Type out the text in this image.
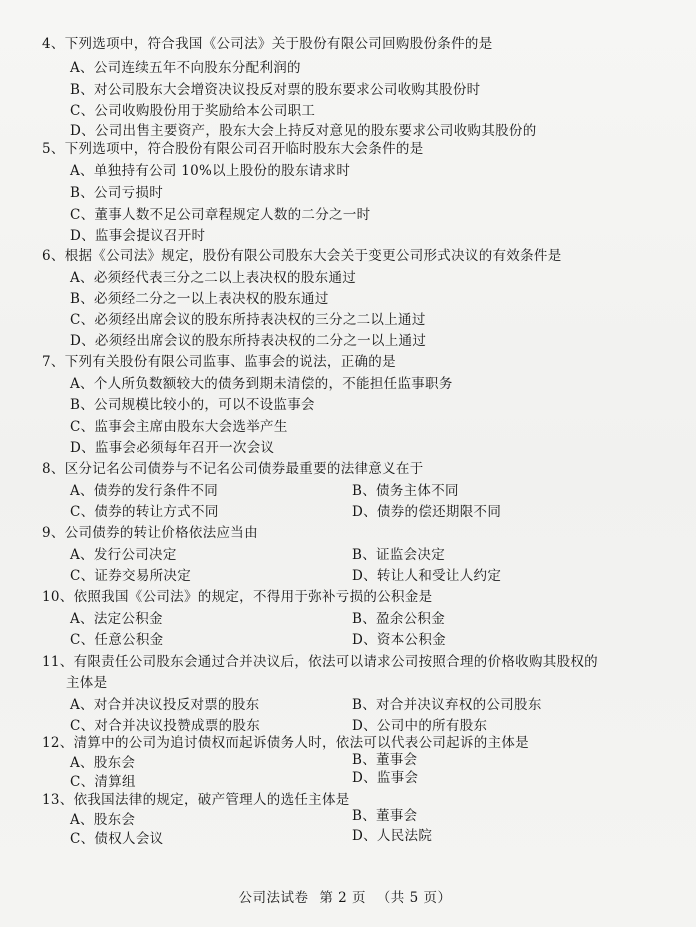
4、下列选项中，符合我国《公司法》关于股份有限公司回购股份条件的是
A、公司连续五年不向股东分配利润的
B、对公司股东大会增资决议投反对票的股东要求公司收购其股份时
C、公司收购股份用于奖励给本公司职工
D、公司出售主要资产，股东大会上持反对意见的股东要求公司收购其股份的
5、下列选项中，符合股份有限公司召开临时股东大会条件的是
A、单独持有公司 10%以上股份的股东请求时
B、公司亏损时
C、董事人数不足公司章程规定人数的二分之一时
D、监事会提议召开时
6、根据《公司法》规定，股份有限公司股东大会关于变更公司形式决议的有效条件是
A、必须经代表三分之二以上表决权的股东通过
B、必须经二分之一以上表决权的股东通过
C、必须经出席会议的股东所持表决权的三分之二以上通过
D、必须经出席会议的股东所持表决权的二分之一以上通过
7、下列有关股份有限公司监事、监事会的说法，正确的是
A、个人所负数额较大的债务到期未清偿的，不能担任监事职务
B、公司规模比较小的，可以不设监事会
C、监事会主席由股东大会选举产生
D、监事会必须每年召开一次会议
8、区分记名公司债券与不记名公司债券最重要的法律意义在于
A、债券的发行条件不同	B、债务主体不同
C、债券的转让方式不同	D、债券的偿还期限不同
9、公司债券的转让价格依法应当由
A、发行公司决定	B、证监会决定
C、证券交易所决定	D、转让人和受让人约定
10、依照我国《公司法》的规定，不得用于弥补亏损的公积金是
A、法定公积金	B、盈余公积金
C、任意公积金	D、资本公积金
11、有限责任公司股东会通过合并决议后，依法可以请求公司按照合理的价格收购其股权的
主体是
A、对合并决议投反对票的股东	B、对合并决议弃权的公司股东
C、对合并决议投赞成票的股东	D、公司中的所有股东
12、清算中的公司为追讨债权而起诉债务人时，依法可以代表公司起诉的主体是
A、股东会	B、董事会
C、清算组	D、监事会
公司法试卷 第 2 页 （共 5 页）
13、依我国法律的规定，破产管理人的选任主体是
A、股东会	B、董事会
C、债权人会议	D、人民法院
